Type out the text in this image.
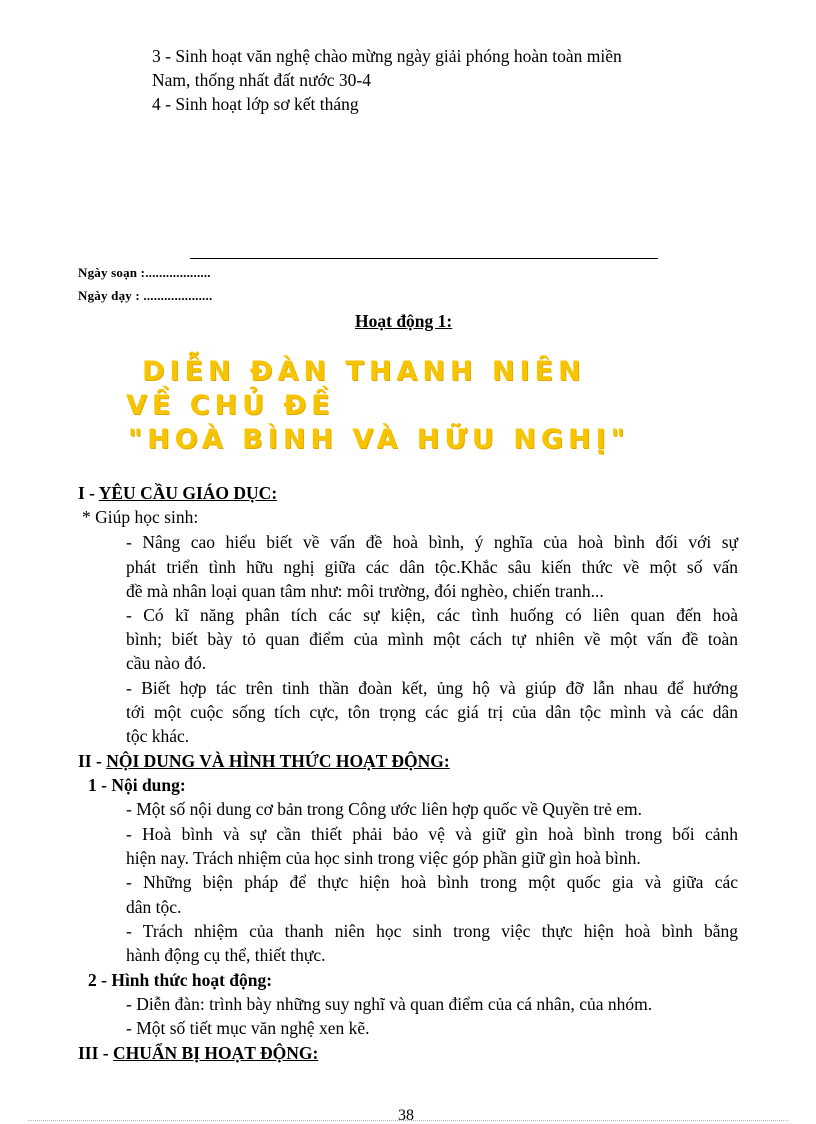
3 - Sinh hoạt văn nghệ chào mừng ngày giải phóng hoàn toàn miền
Nam, thống nhất đất nước 30-4
4 - Sinh hoạt lớp sơ kết tháng
Ngày soạn :...................
Ngày dạy : ....................
Hoạt động 1:
DIỄN ĐÀN THANH NIÊN
VỀ CHỦ ĐỀ
"HOÀ BÌNH VÀ HỮU NGHỊ"
I - YÊU CẦU GIÁO DỤC:
* Giúp học sinh:
- Nâng cao hiểu biết về vấn đề hoà bình, ý nghĩa của hoà bình đối với sự
phát triển tình hữu nghị giữa các dân tộc.Khắc sâu kiến thức về một số vấn
đề mà nhân loại quan tâm như: môi trường, đói nghèo, chiến tranh...
- Có kĩ năng phân tích các sự kiện, các tình huống có liên quan đến hoà
bình; biết bày tỏ quan điểm của mình một cách tự nhiên về một vấn đề toàn
cầu nào đó.
- Biết hợp tác trên tinh thần đoàn kết, ủng hộ và giúp đỡ lẫn nhau để hướng
tới một cuộc sống tích cực, tôn trọng các giá trị của dân tộc mình và các dân
tộc khác.
II - NỘI DUNG VÀ HÌNH THỨC HOẠT ĐỘNG:
1 - Nội dung:
- Một số nội dung cơ bản trong Công ước liên hợp quốc về Quyền trẻ em.
- Hoà bình và sự cần thiết phải bảo vệ và giữ gìn hoà bình trong bối cảnh
hiện nay. Trách nhiệm của học sinh trong việc góp phần giữ gìn hoà bình.
- Những biện pháp để thực hiện hoà bình trong một quốc gia và giữa các
dân tộc.
- Trách nhiệm của thanh niên học sinh trong việc thực hiện hoà bình bằng
hành động cụ thể, thiết thực.
2 - Hình thức hoạt động:
- Diễn đàn: trình bày những suy nghĩ và quan điểm của cá nhân, của nhóm.
- Một số tiết mục văn nghệ xen kẽ.
III - CHUẨN BỊ HOẠT ĐỘNG:
38
